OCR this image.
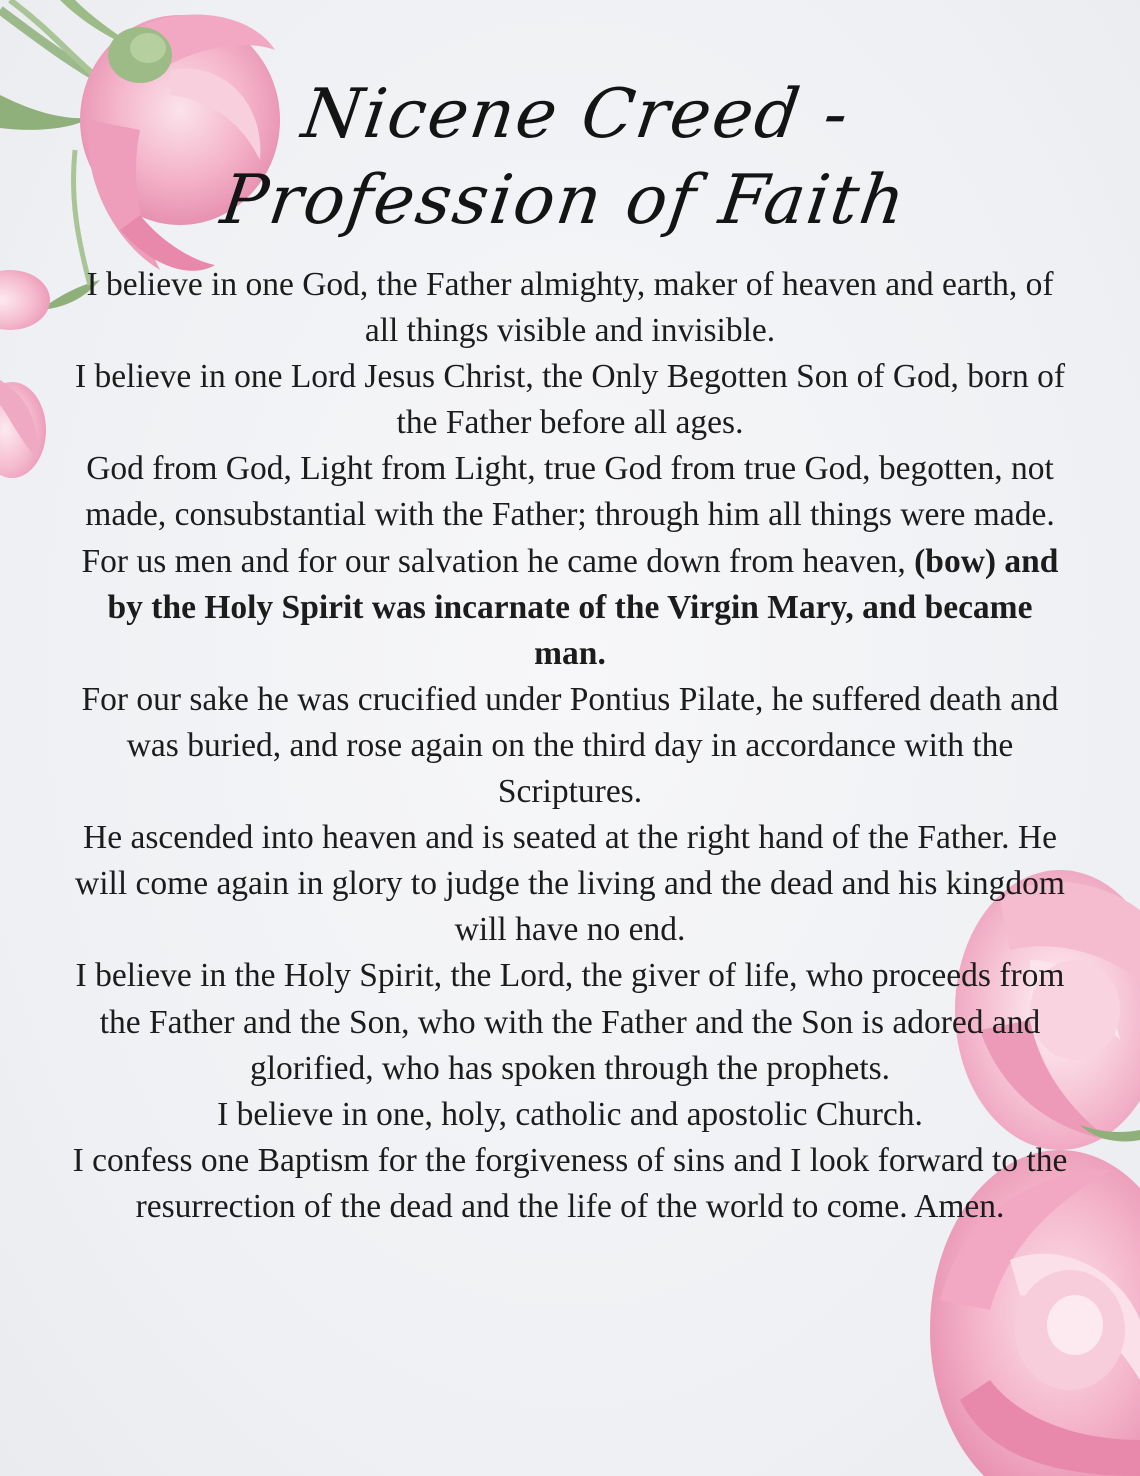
Nicene Creed -
Profession of Faith

I believe in one God, the Father almighty, maker of heaven and earth, of all things visible and invisible.

I believe in one Lord Jesus Christ, the Only Begotten Son of God, born of the Father before all ages.

God from God, Light from Light, true God from true God, begotten, not made, consubstantial with the Father; through him all things were made.

For us men and for our salvation he came down from heaven, (bow) and by the Holy Spirit was incarnate of the Virgin Mary, and became man.

For our sake he was crucified under Pontius Pilate, he suffered death and was buried, and rose again on the third day in accordance with the Scriptures.

He ascended into heaven and is seated at the right hand of the Father. He will come again in glory to judge the living and the dead and his kingdom will have no end.

I believe in the Holy Spirit, the Lord, the giver of life, who proceeds from the Father and the Son, who with the Father and the Son is adored and glorified, who has spoken through the prophets.

I believe in one, holy, catholic and apostolic Church.

I confess one Baptism for the forgiveness of sins and I look forward to the resurrection of the dead and the life of the world to come. Amen.
